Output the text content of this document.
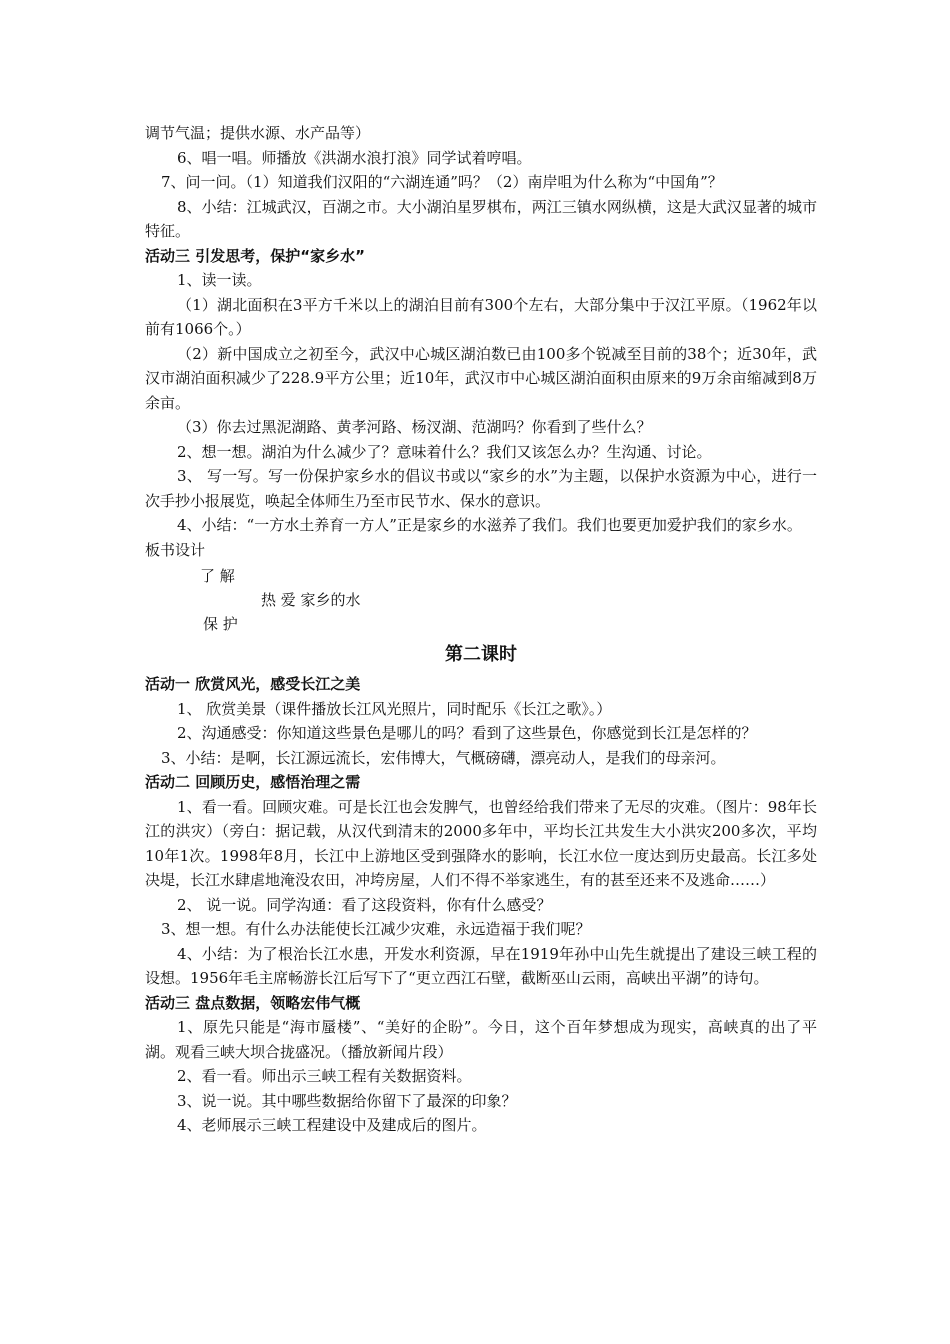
调节气温；提供水源、水产品等）

6、唱一唱。师播放《洪湖水浪打浪》同学试着哼唱。

7、问一问。（1）知道我们汉阳的“六湖连通”吗？（2）南岸咀为什么称为“中国角”？

8、小结：江城武汉，百湖之市。大小湖泊星罗棋布，两江三镇水网纵横，这是大武汉显著的城市特征。

活动三 引发思考，保护“家乡水”

1、读一读。

（1）湖北面积在3平方千米以上的湖泊目前有300个左右，大部分集中于汉江平原。（1962年以前有1066个。）

（2）新中国成立之初至今，武汉中心城区湖泊数已由100多个锐减至目前的38个；近30年，武汉市湖泊面积减少了228.9平方公里；近10年，武汉市中心城区湖泊面积由原来的9万余亩缩减到8万余亩。

（3）你去过黑泥湖路、黄孝河路、杨汊湖、范湖吗？你看到了些什么？

2、想一想。湖泊为什么减少了？意味着什么？我们又该怎么办？生沟通、讨论。

3、 写一写。写一份保护家乡水的倡议书或以“家乡的水”为主题，以保护水资源为中心，进行一次手抄小报展览，唤起全体师生乃至市民节水、保水的意识。

4、小结：“一方水土养育一方人”正是家乡的水滋养了我们。我们也要更加爱护我们的家乡水。

板书设计

了 解
热 爱 家乡的水
保 护

第二课时

活动一 欣赏风光，感受长江之美

1、 欣赏美景（课件播放长江风光照片，同时配乐《长江之歌》。）

2、沟通感受：你知道这些景色是哪儿的吗？看到了这些景色，你感觉到长江是怎样的？

3、小结：是啊，长江源远流长，宏伟博大，气概磅礴，漂亮动人，是我们的母亲河。

活动二 回顾历史，感悟治理之需

1、看一看。回顾灾难。可是长江也会发脾气，也曾经给我们带来了无尽的灾难。（图片：98年长江的洪灾）（旁白：据记载，从汉代到清末的2000多年中，平均长江共发生大小洪灾200多次，平均10年1次。1998年8月，长江中上游地区受到强降水的影响，长江水位一度达到历史最高。长江多处决堤，长江水肆虐地淹没农田，冲垮房屋，人们不得不举家逃生，有的甚至还来不及逃命……）

2、 说一说。同学沟通：看了这段资料，你有什么感受？

3、想一想。有什么办法能使长江减少灾难，永远造福于我们呢？

4、小结：为了根治长江水患，开发水利资源，早在1919年孙中山先生就提出了建设三峡工程的设想。1956年毛主席畅游长江后写下了“更立西江石壁，截断巫山云雨，高峡出平湖”的诗句。

活动三 盘点数据，领略宏伟气概

1、原先只能是“海市蜃楼”、“美好的企盼”。今日，这个百年梦想成为现实，高峡真的出了平湖。观看三峡大坝合拢盛况。（播放新闻片段）

2、看一看。师出示三峡工程有关数据资料。

3、说一说。其中哪些数据给你留下了最深的印象？

4、老师展示三峡工程建设中及建成后的图片。
